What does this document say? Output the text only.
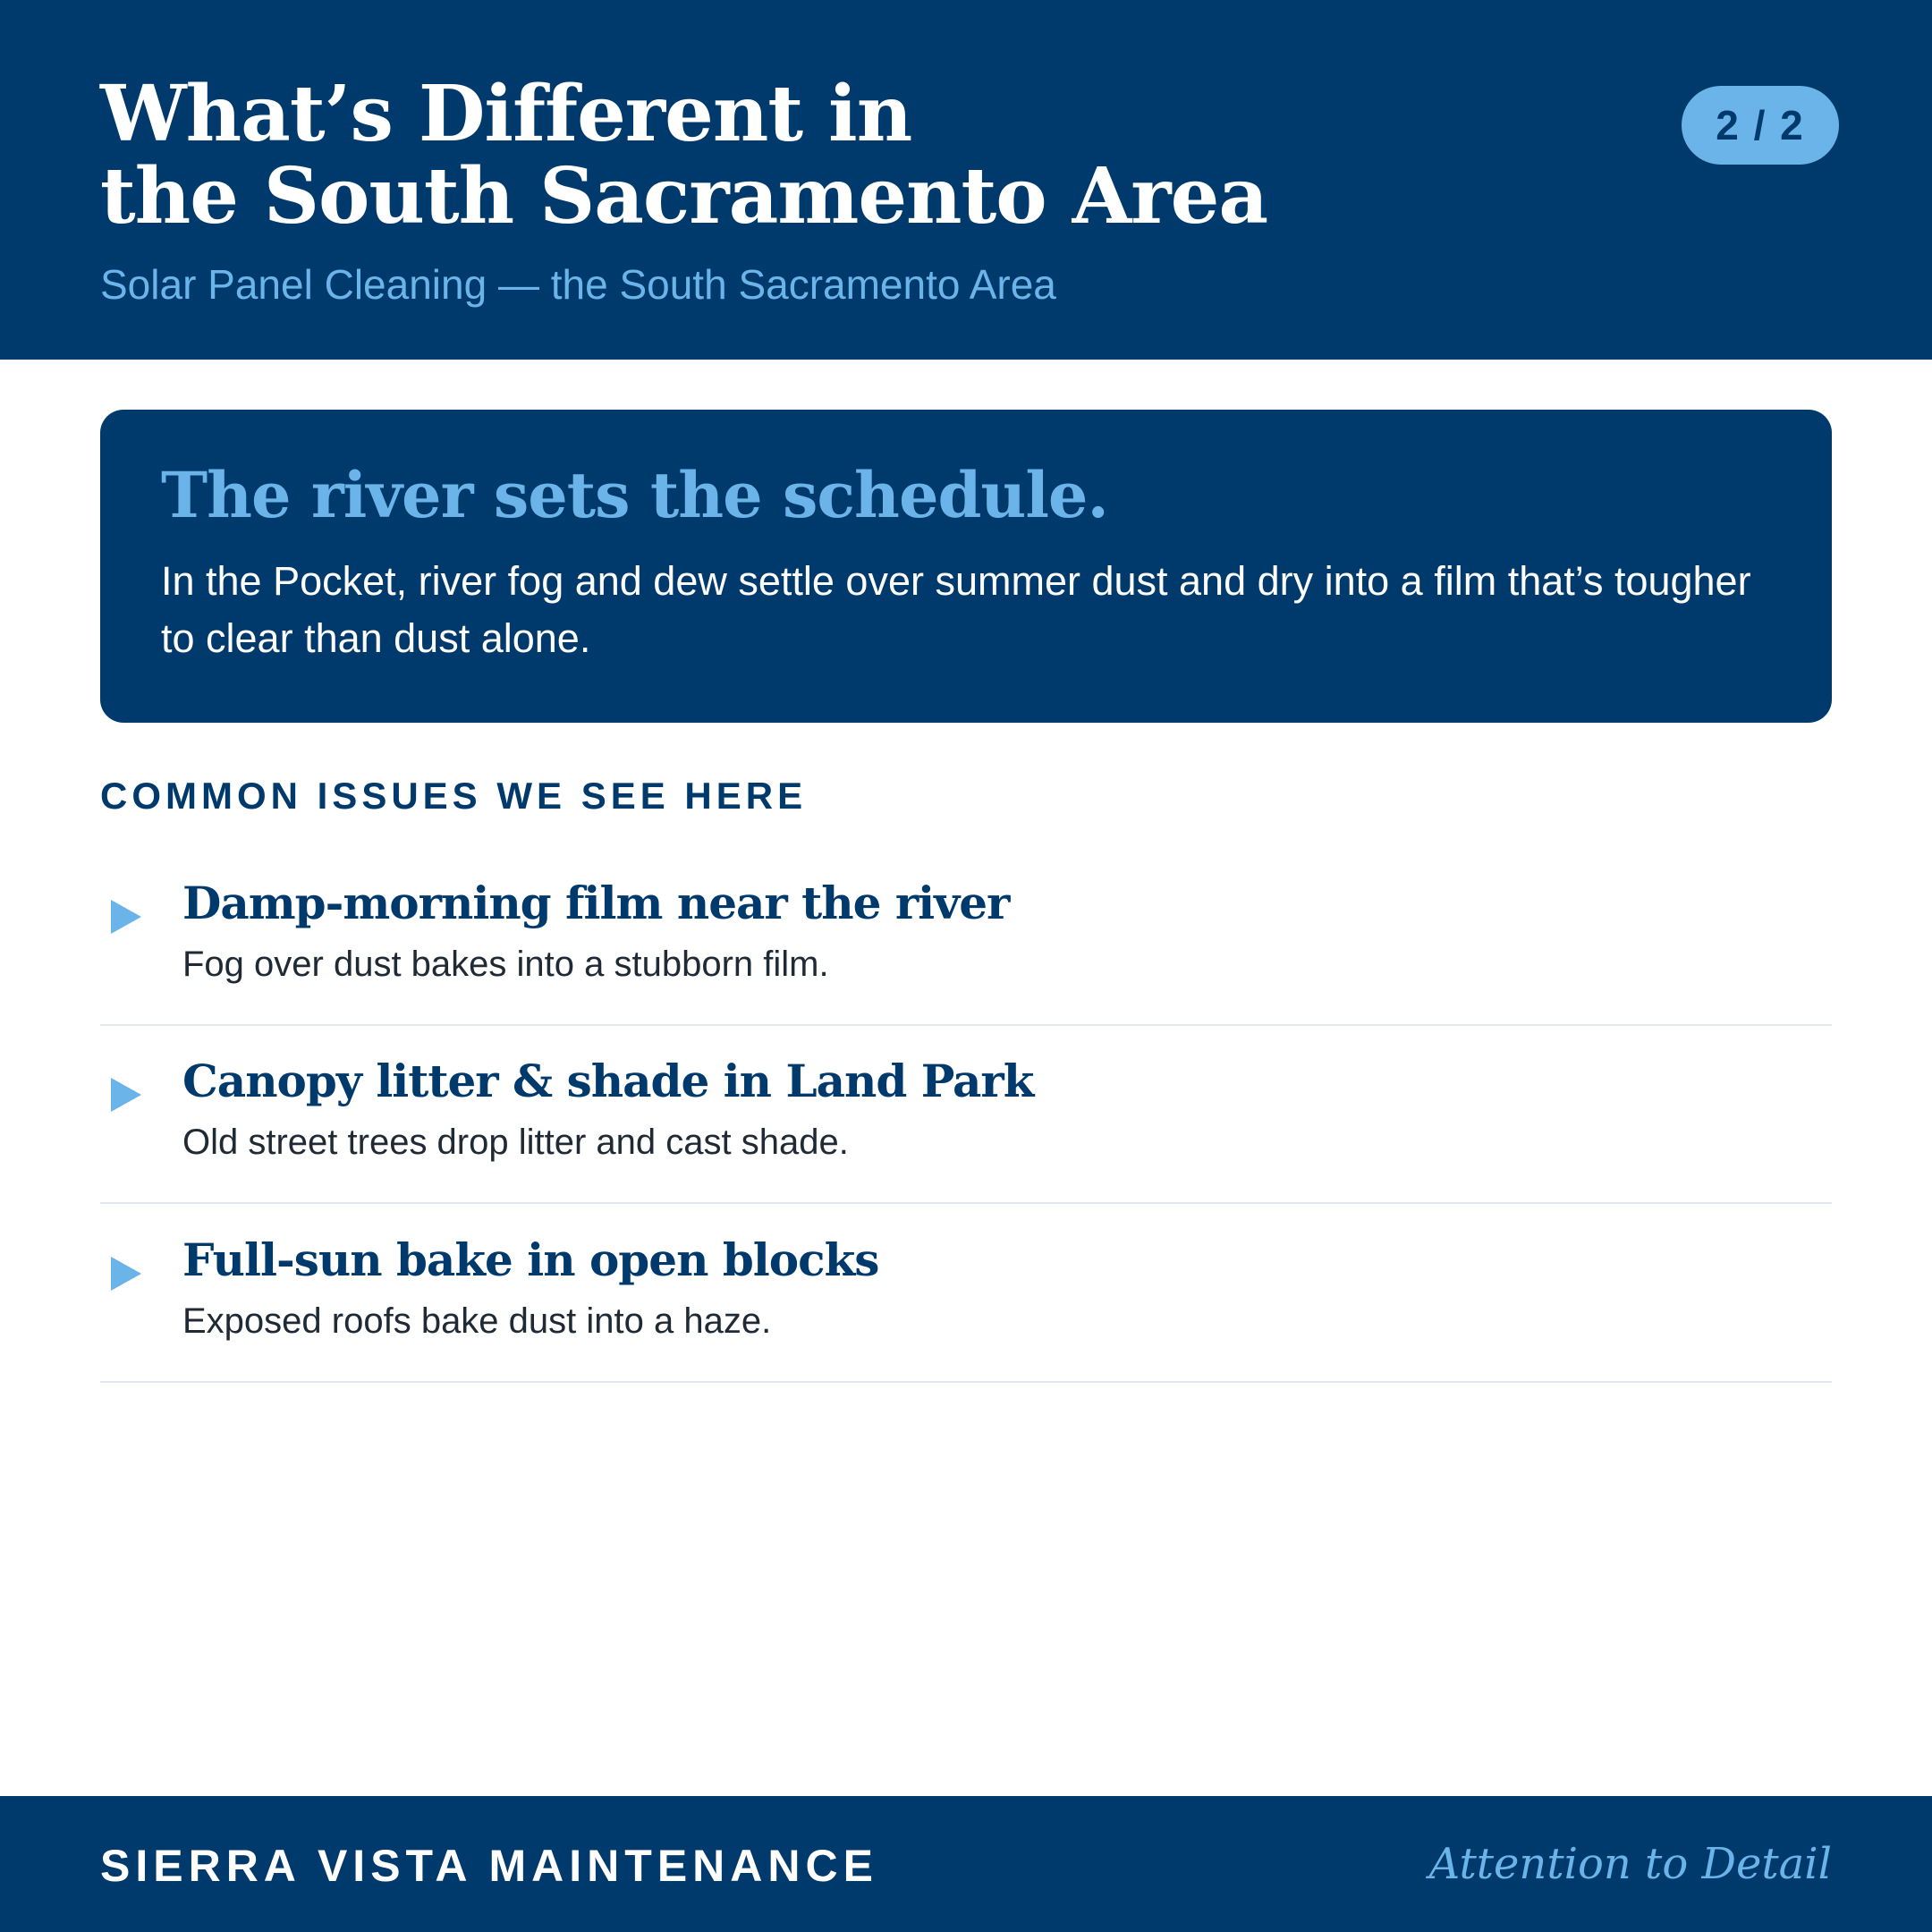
What’s Different in
the South Sacramento Area
Solar Panel Cleaning — the South Sacramento Area
2 / 2
The river sets the schedule.
In the Pocket, river fog and dew settle over summer dust and dry into a film that’s tougher to clear than dust alone.
COMMON ISSUES WE SEE HERE
Damp-morning film near the river
Fog over dust bakes into a stubborn film.
Canopy litter & shade in Land Park
Old street trees drop litter and cast shade.
Full-sun bake in open blocks
Exposed roofs bake dust into a haze.
SIERRA VISTA MAINTENANCE	Attention to Detail
